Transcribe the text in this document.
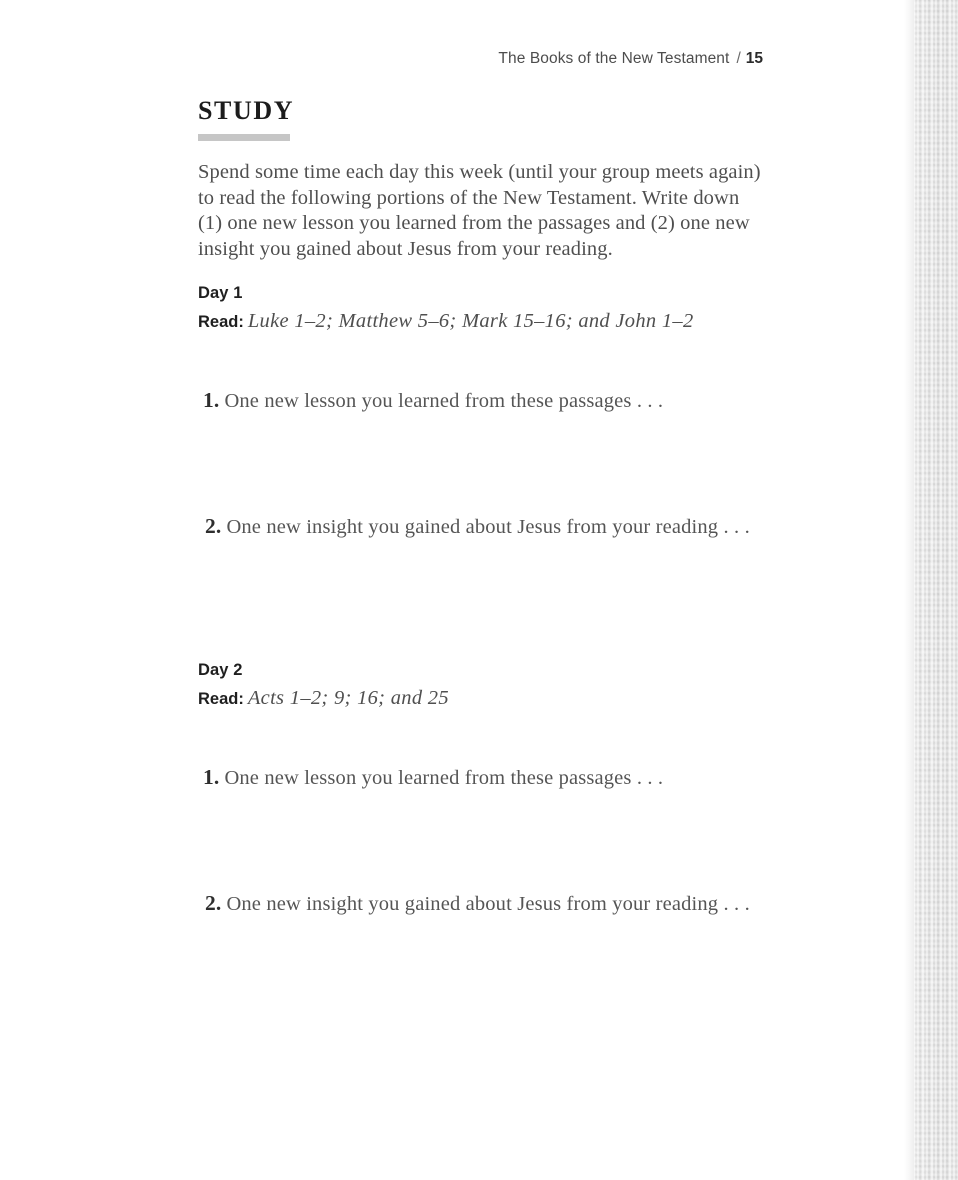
The Books of the New Testament / 15
STUDY
Spend some time each day this week (until your group meets again) to read the following portions of the New Testament. Write down (1) one new lesson you learned from the passages and (2) one new insight you gained about Jesus from your reading.
Day 1
Read: Luke 1–2; Matthew 5–6; Mark 15–16; and John 1–2
1. One new lesson you learned from these passages . . .
2. One new insight you gained about Jesus from your reading . . .
Day 2
Read: Acts 1–2; 9; 16; and 25
1. One new lesson you learned from these passages . . .
2. One new insight you gained about Jesus from your reading . . .
